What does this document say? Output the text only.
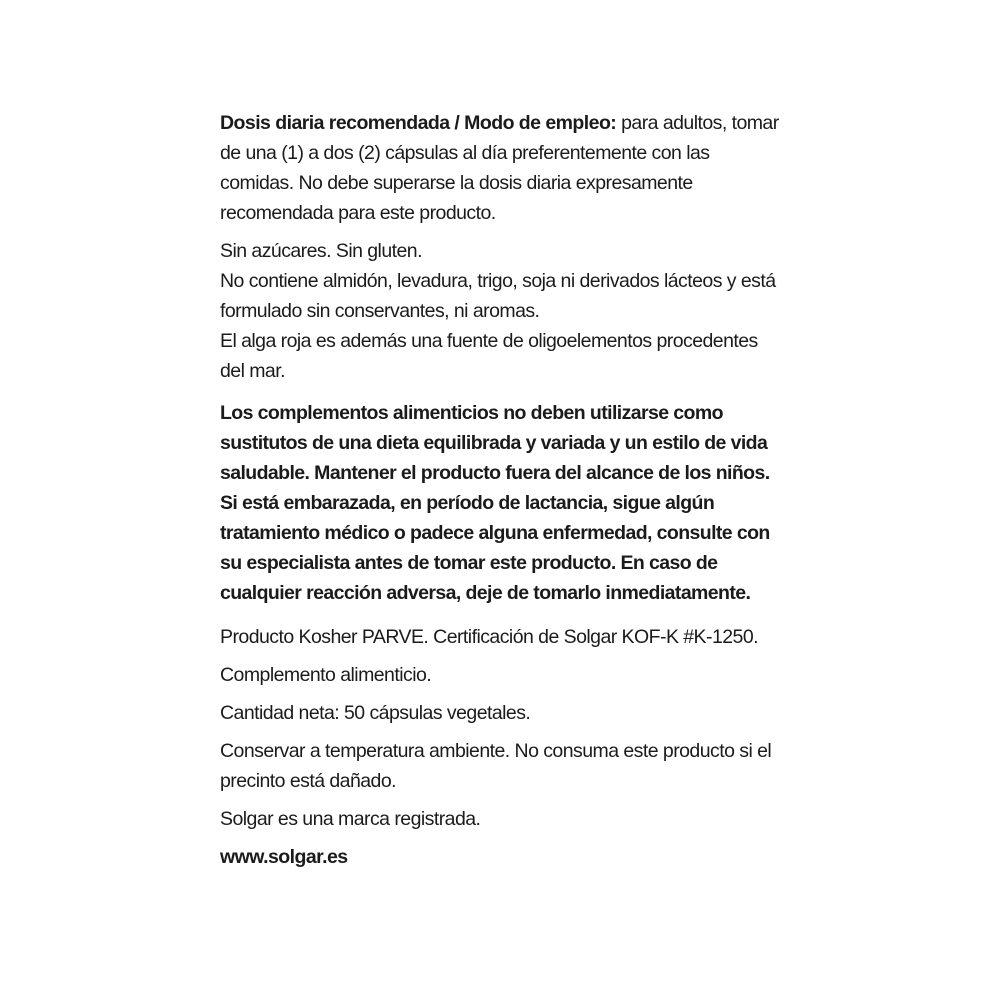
Dosis diaria recomendada / Modo de empleo: para adultos, tomar de una (1) a dos (2) cápsulas al día preferentemente con las comidas. No debe superarse la dosis diaria expresamente recomendada para este producto.

Sin azúcares. Sin gluten.

No contiene almidón, levadura, trigo, soja ni derivados lácteos y está formulado sin conservantes, ni aromas.

El alga roja es además una fuente de oligoelementos procedentes del mar.

Los complementos alimenticios no deben utilizarse como sustitutos de una dieta equilibrada y variada y un estilo de vida saludable. Mantener el producto fuera del alcance de los niños. Si está embarazada, en período de lactancia, sigue algún tratamiento médico o padece alguna enfermedad, consulte con su especialista antes de tomar este producto. En caso de cualquier reacción adversa, deje de tomarlo inmediatamente.

Producto Kosher PARVE. Certificación de Solgar KOF-K #K-1250.

Complemento alimenticio.

Cantidad neta: 50 cápsulas vegetales.

Conservar a temperatura ambiente. No consuma este producto si el precinto está dañado.

Solgar es una marca registrada.

www.solgar.es
